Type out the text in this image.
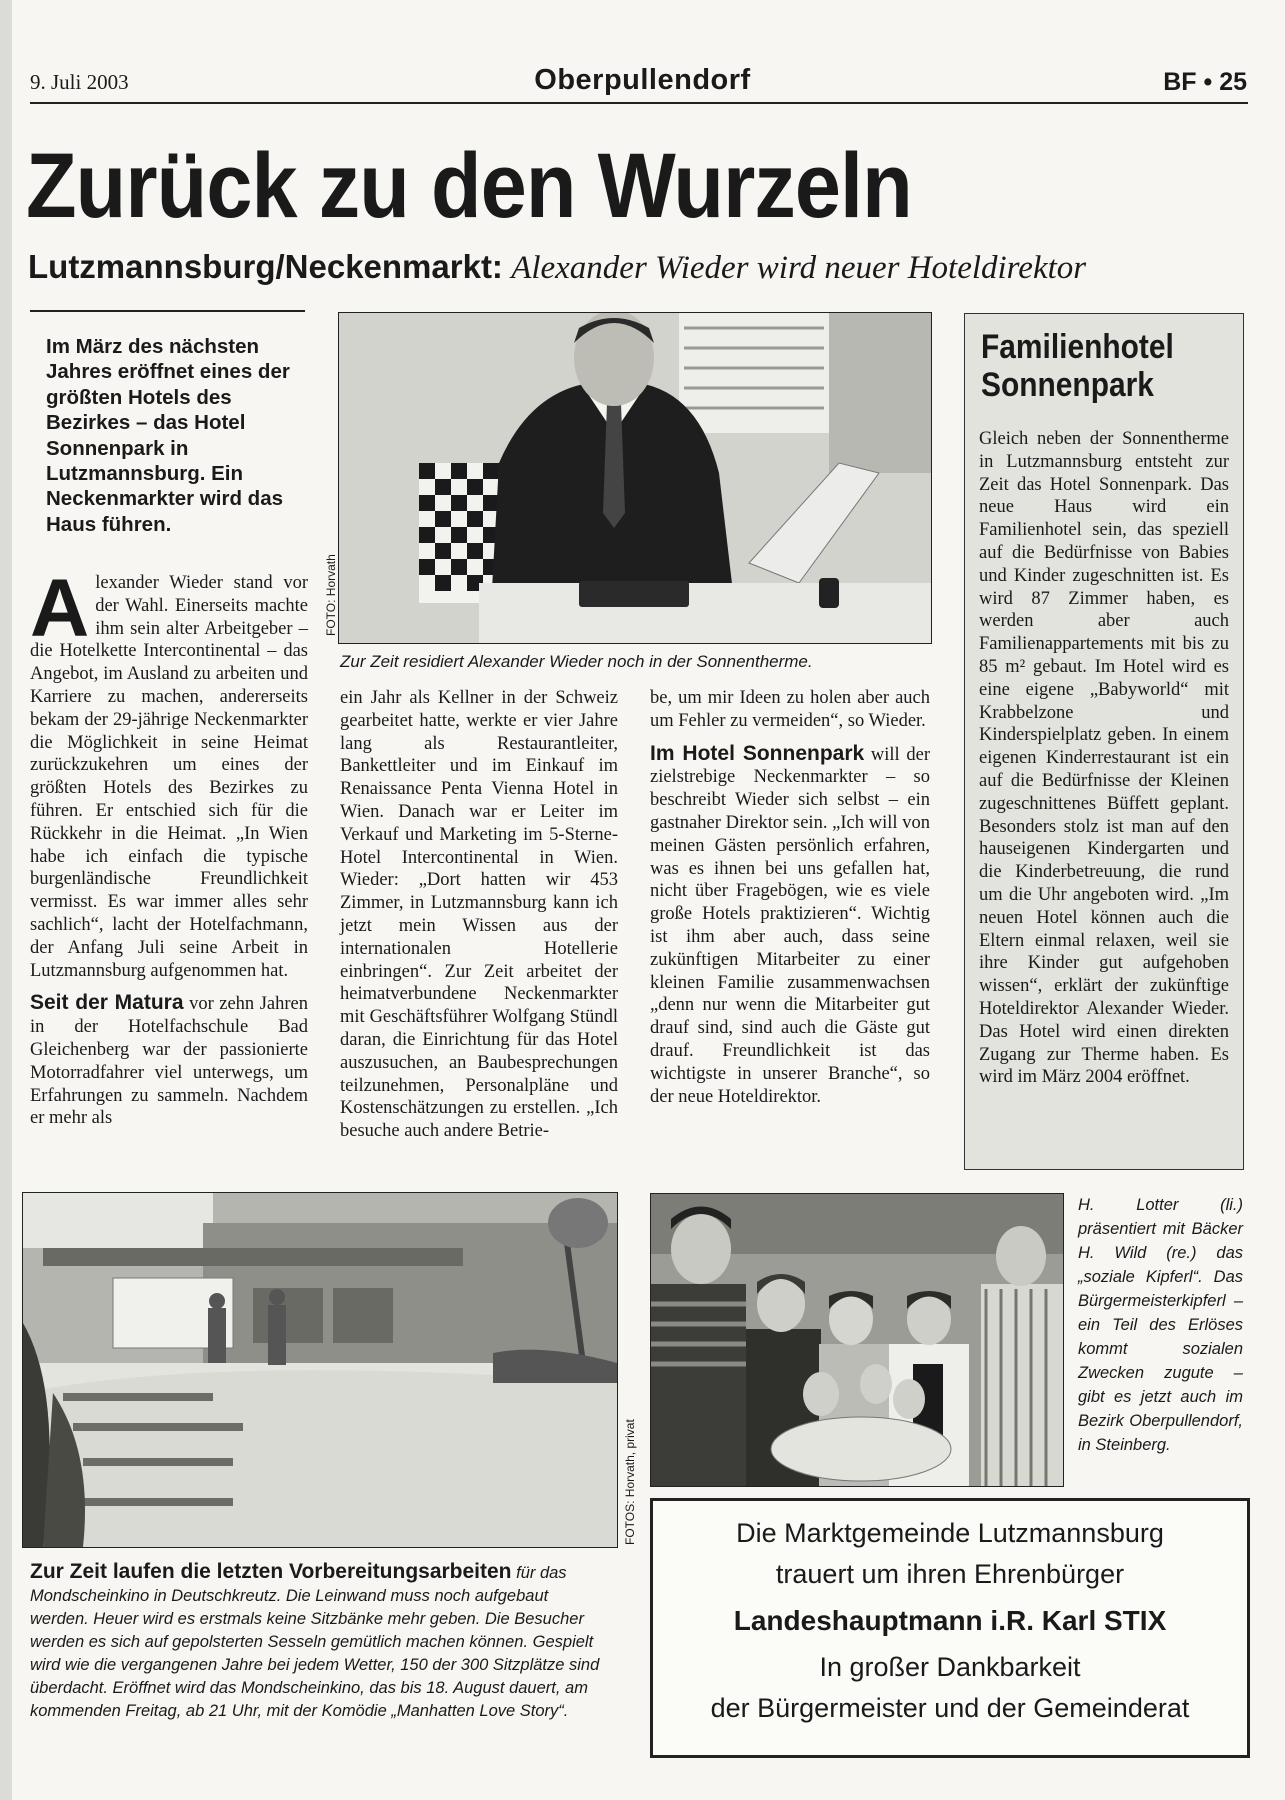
9. Juli 2003	Oberpullendorf	BF • 25
Zurück zu den Wurzeln
Lutzmannsburg/Neckenmarkt: Alexander Wieder wird neuer Hoteldirektor
Im März des nächsten Jahres eröffnet eines der größten Hotels des Bezirkes – das Hotel Sonnenpark in Lutzmannsburg. Ein Neckenmarkter wird das Haus führen.
FOTO: Horvath
Zur Zeit residiert Alexander Wieder noch in der Sonnentherme.

Alexander Wieder stand vor der Wahl. Einerseits machte ihm sein alter Arbeitgeber – die Hotelkette Intercontinental – das Angebot, im Ausland zu arbeiten und Karriere zu machen, andererseits bekam der 29-jährige Neckenmarkter die Möglichkeit in seine Heimat zurückzukehren um eines der größten Hotels des Bezirkes zu führen. Er entschied sich für die Rückkehr in die Heimat. „In Wien habe ich einfach die typische burgenländische Freundlichkeit vermisst. Es war immer alles sehr sachlich“, lacht der Hotelfachmann, der Anfang Juli seine Arbeit in Lutzmannsburg aufgenommen hat.

Seit der Matura vor zehn Jahren in der Hotelfachschule Bad Gleichenberg war der passionierte Motorradfahrer viel unterwegs, um Erfahrungen zu sammeln. Nachdem er mehr als

ein Jahr als Kellner in der Schweiz gearbeitet hatte, werkte er vier Jahre lang als Restaurantleiter, Bankettleiter und im Einkauf im Renaissance Penta Vienna Hotel in Wien. Danach war er Leiter im Verkauf und Marketing im 5-Sterne-Hotel Intercontinental in Wien. Wieder: „Dort hatten wir 453 Zimmer, in Lutzmannsburg kann ich jetzt mein Wissen aus der internationalen Hotellerie einbringen“. Zur Zeit arbeitet der heimatverbundene Neckenmarkter mit Geschäftsführer Wolfgang Stündl daran, die Einrichtung für das Hotel auszusuchen, an Baubesprechungen teilzunehmen, Personalpläne und Kostenschätzungen zu erstellen. „Ich besuche auch andere Betrie-

be, um mir Ideen zu holen aber auch um Fehler zu vermeiden“, so Wieder.

Im Hotel Sonnenpark will der zielstrebige Neckenmarkter – so beschreibt Wieder sich selbst – ein gastnaher Direktor sein. „Ich will von meinen Gästen persönlich erfahren, was es ihnen bei uns gefallen hat, nicht über Fragebögen, wie es viele große Hotels praktizieren“. Wichtig ist ihm aber auch, dass seine zukünftigen Mitarbeiter zu einer kleinen Familie zusammenwachsen „denn nur wenn die Mitarbeiter gut drauf sind, sind auch die Gäste gut drauf. Freundlichkeit ist das wichtigste in unserer Branche“, so der neue Hoteldirektor.

Familienhotel
Sonnenpark
Gleich neben der Sonnentherme in Lutzmannsburg entsteht zur Zeit das Hotel Sonnenpark. Das neue Haus wird ein Familienhotel sein, das speziell auf die Bedürfnisse von Babies und Kinder zugeschnitten ist. Es wird 87 Zimmer haben, es werden aber auch Familienappartements mit bis zu 85 m² gebaut. Im Hotel wird es eine eigene „Babyworld“ mit Krabbelzone und Kinderspielplatz geben. In einem eigenen Kinderrestaurant ist ein auf die Bedürfnisse der Kleinen zugeschnittenes Büffett geplant. Besonders stolz ist man auf den hauseigenen Kindergarten und die Kinderbetreuung, die rund um die Uhr angeboten wird. „Im neuen Hotel können auch die Eltern einmal relaxen, weil sie ihre Kinder gut aufgehoben wissen“, erklärt der zukünftige Hoteldirektor Alexander Wieder. Das Hotel wird einen direkten Zugang zur Therme haben. Es wird im März 2004 eröffnet.
FOTOS: Horvath, privat
H. Lotter (li.) präsentiert mit Bäcker H. Wild (re.) das „soziale Kipferl“. Das Bürgermeisterkipferl – ein Teil des Erlöses kommt sozialen Zwecken zugute – gibt es jetzt auch im Bezirk Oberpullendorf, in Steinberg.
Zur Zeit laufen die letzten Vorbereitungsarbeiten für das Mondscheinkino in Deutschkreutz. Die Leinwand muss noch aufgebaut werden. Heuer wird es erstmals keine Sitzbänke mehr geben. Die Besucher werden es sich auf gepolsterten Sesseln gemütlich machen können. Gespielt wird wie die vergangenen Jahre bei jedem Wetter, 150 der 300 Sitzplätze sind überdacht. Eröffnet wird das Mondscheinkino, das bis 18. August dauert, am kommenden Freitag, ab 21 Uhr, mit der Komödie „Manhatten Love Story“.
Die Marktgemeinde Lutzmannsburg
trauert um ihren Ehrenbürger
Landeshauptmann i.R. Karl STIX
In großer Dankbarkeit
der Bürgermeister und der Gemeinderat
